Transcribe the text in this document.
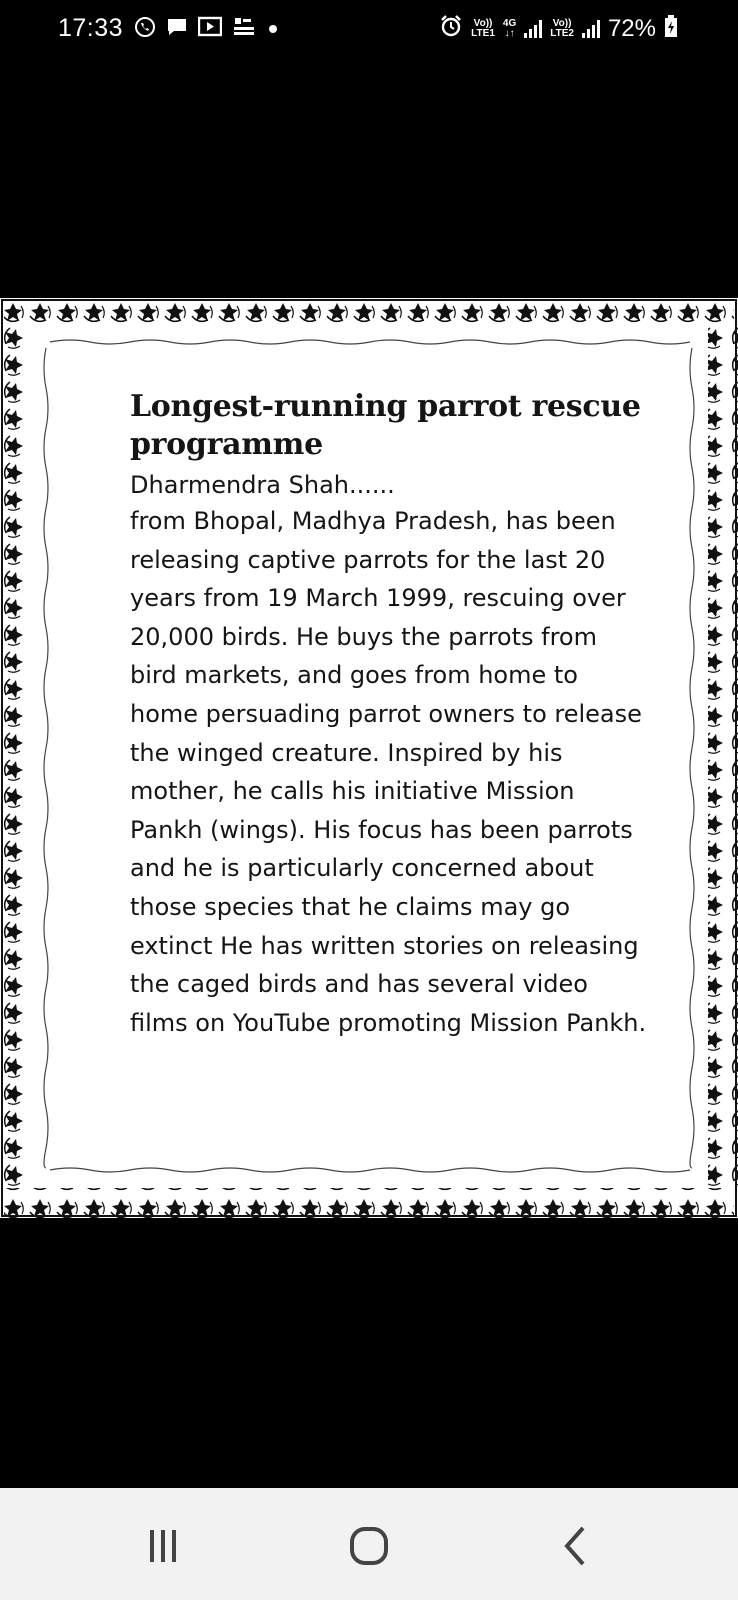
17:33	Vo))
LTE1
4G
↓↑
Vo))
LTE2 72%
Longest-running parrot rescue programme

Dharmendra Shah......

from Bhopal, Madhya Pradesh, has been releasing captive parrots for the last 20 years from 19 March 1999, rescuing over 20,000 birds. He buys the parrots from bird markets, and goes from home to home persuading parrot owners to release the winged creature. Inspired by his mother, he calls his initiative Mission Pankh (wings). His focus has been parrots and he is particularly concerned about those species that he claims may go extinct He has written stories on releasing the caged birds and has several video films on YouTube promoting Mission Pankh.
